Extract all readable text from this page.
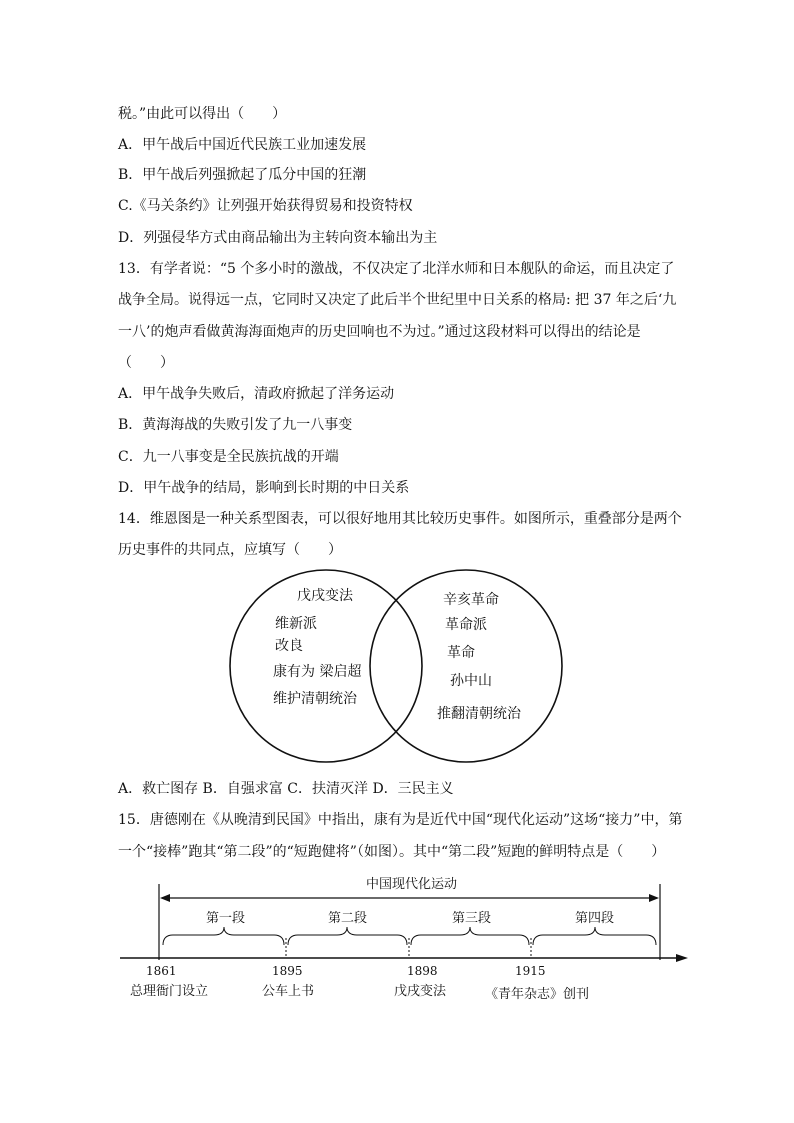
税。”由此可以得出（　　）
A．甲午战后中国近代民族工业加速发展
B．甲午战后列强掀起了瓜分中国的狂潮
C.《马关条约》让列强开始获得贸易和投资特权
D．列强侵华方式由商品输出为主转向资本输出为主
13．有学者说：“5 个多小时的激战，不仅决定了北洋水师和日本舰队的命运，而且决定了
战争全局。说得远一点，它同时又决定了此后半个世纪里中日关系的格局: 把 37 年之后‘九
一八’的炮声看做黄海海面炮声的历史回响也不为过。”通过这段材料可以得出的结论是
（　　）
A．甲午战争失败后，清政府掀起了洋务运动
B．黄海海战的失败引发了九一八事变
C．九一八事变是全民族抗战的开端
D．甲午战争的结局，影响到长时期的中日关系
14．维恩图是一种关系型图表，可以很好地用其比较历史事件。如图所示，重叠部分是两个
历史事件的共同点，应填写（　　）
A．救亡图存 B．自强求富 C．扶清灭洋 D．三民主义
15．唐德刚在《从晚清到民国》中指出，康有为是近代中国“现代化运动”这场“接力”中，第
一个“接棒”跑其“第二段”的“短跑健将”（如图）。其中“第二段”短跑的鲜明特点是（　　）
戊戌变法
维新派
改良
康有为 梁启超
维护清朝统治
辛亥革命
革命派
革命
孙中山
推翻清朝统治
中国现代化运动
第一段	第二段	第三段	第四段
1861	1895	1898	1915
总理衙门设立	公车上书	戊戌变法	《青年杂志》创刊
